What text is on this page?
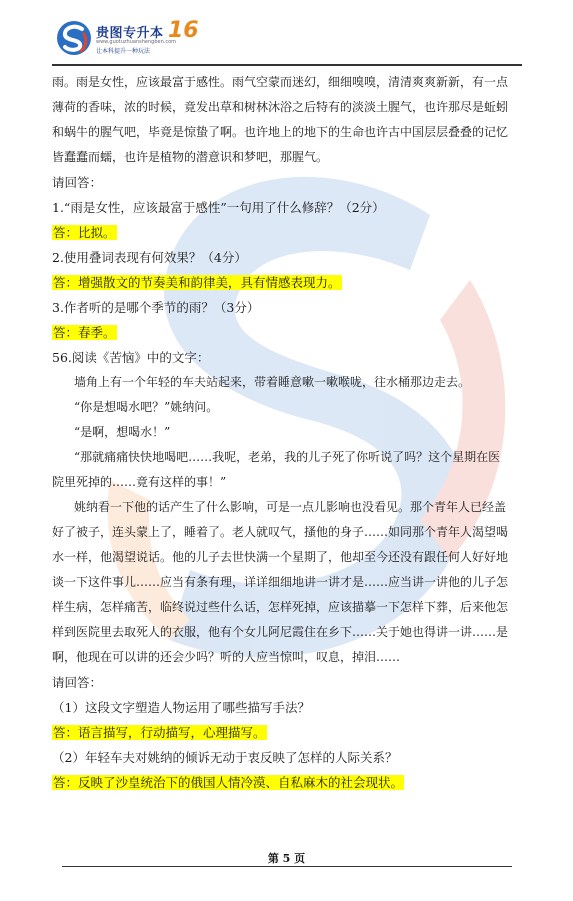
贵图专升本
www.guotuzhuanshengben.com
让本科提升一种玩法
16
雨。雨是女性，应该最富于感性。雨气空蒙而迷幻，细细嗅嗅，清清爽爽新新，有一点
薄荷的香味，浓的时候，竟发出草和树林沐浴之后特有的淡淡土腥气，也许那尽是蚯蚓
和蜗牛的腥气吧，毕竟是惊蛰了啊。也许地上的地下的生命也许古中国层层叠叠的记忆
皆蠢蠢而蠕，也许是植物的潜意识和梦吧，那腥气。
请回答：
1.“雨是女性，应该最富于感性”一句用了什么修辞？（2分）
答：比拟。
2.使用叠词表现有何效果？（4分）
答：增强散文的节奏美和韵律美，具有情感表现力。
3.作者听的是哪个季节的雨？（3分）
答：春季。
56.阅读《苦恼》中的文字：
墙角上有一个年轻的车夫站起来，带着睡意嗽一嗽喉咙，往水桶那边走去。
“你是想喝水吧？”姚纳问。
“是啊，想喝水！”
“那就痛痛快快地喝吧……我呢，老弟，我的儿子死了你听说了吗？这个星期在医
院里死掉的……竟有这样的事！”
姚纳看一下他的话产生了什么影响，可是一点儿影响也没看见。那个青年人已经盖
好了被子，连头蒙上了，睡着了。老人就叹气，搔他的身子……如同那个青年人渴望喝
水一样，他渴望说话。他的儿子去世快满一个星期了，他却至今还没有跟任何人好好地
谈一下这件事儿……应当有条有理，详详细细地讲一讲才是……应当讲一讲他的儿子怎
样生病，怎样痛苦，临终说过些什么话，怎样死掉，应该描摹一下怎样下葬，后来他怎
样到医院里去取死人的衣服，他有个女儿阿尼霞住在乡下……关于她也得讲一讲……是
啊，他现在可以讲的还会少吗？听的人应当惊叫，叹息，掉泪……
请回答：
（1）这段文字塑造人物运用了哪些描写手法？
答：语言描写，行动描写，心理描写。
（2）年轻车夫对姚纳的倾诉无动于衷反映了怎样的人际关系？
答：反映了沙皇统治下的俄国人情冷漠、自私麻木的社会现状。
第 5 页
